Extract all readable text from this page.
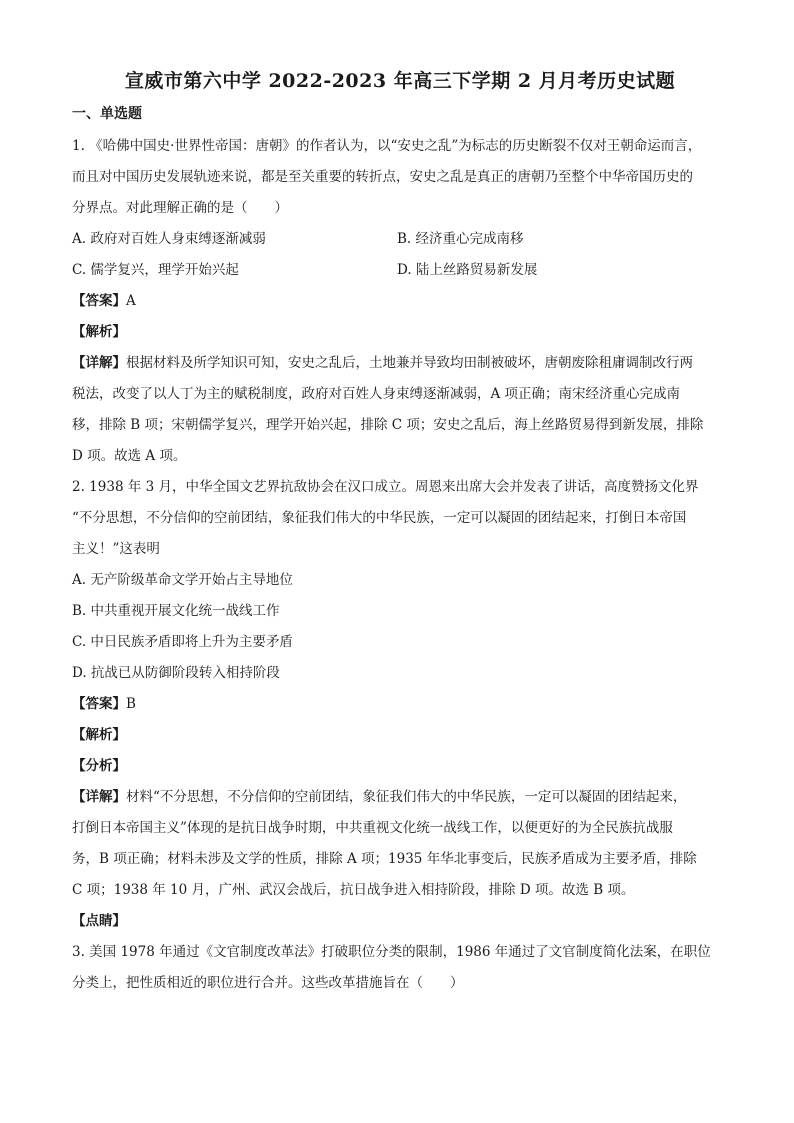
宣威市第六中学 2022-2023 年高三下学期 2 月月考历史试题
一、单选题

1. 《哈佛中国史·世界性帝国：唐朝》的作者认为，以“安史之乱”为标志的历史断裂不仅对王朝命运而言，

而且对中国历史发展轨迹来说，都是至关重要的转折点，安史之乱是真正的唐朝乃至整个中华帝国历史的

分界点。对此理解正确的是（　　）

A. 政府对百姓人身束缚逐渐减弱	B. 经济重心完成南移
C. 儒学复兴，理学开始兴起	D. 陆上丝路贸易新发展
【答案】A
【解析】

【详解】根据材料及所学知识可知，安史之乱后，土地兼并导致均田制被破坏，唐朝废除租庸调制改行两

税法，改变了以人丁为主的赋税制度，政府对百姓人身束缚逐渐减弱，A 项正确；南宋经济重心完成南

移，排除 B 项；宋朝儒学复兴，理学开始兴起，排除 C 项；安史之乱后，海上丝路贸易得到新发展，排除

D 项。故选 A 项。

2. 1938 年 3 月，中华全国文艺界抗敌协会在汉口成立。周恩来出席大会并发表了讲话，高度赞扬文化界

“不分思想，不分信仰的空前团结，象征我们伟大的中华民族，一定可以凝固的团结起来，打倒日本帝国

主义！”这表明

A. 无产阶级革命文学开始占主导地位
B. 中共重视开展文化统一战线工作
C. 中日民族矛盾即将上升为主要矛盾
D. 抗战已从防御阶段转入相持阶段
【答案】B
【解析】
【分析】

【详解】材料“不分思想，不分信仰的空前团结，象征我们伟大的中华民族，一定可以凝固的团结起来，

打倒日本帝国主义”体现的是抗日战争时期，中共重视文化统一战线工作，以便更好的为全民族抗战服

务，B 项正确；材料未涉及文学的性质，排除 A 项；1935 年华北事变后，民族矛盾成为主要矛盾，排除

C 项；1938 年 10 月，广州、武汉会战后，抗日战争进入相持阶段，排除 D 项。故选 B 项。

【点睛】

3. 美国 1978 年通过《文官制度改革法》打破职位分类的限制，1986 年通过了文官制度简化法案，在职位

分类上，把性质相近的职位进行合并。这些改革措施旨在（　　）
